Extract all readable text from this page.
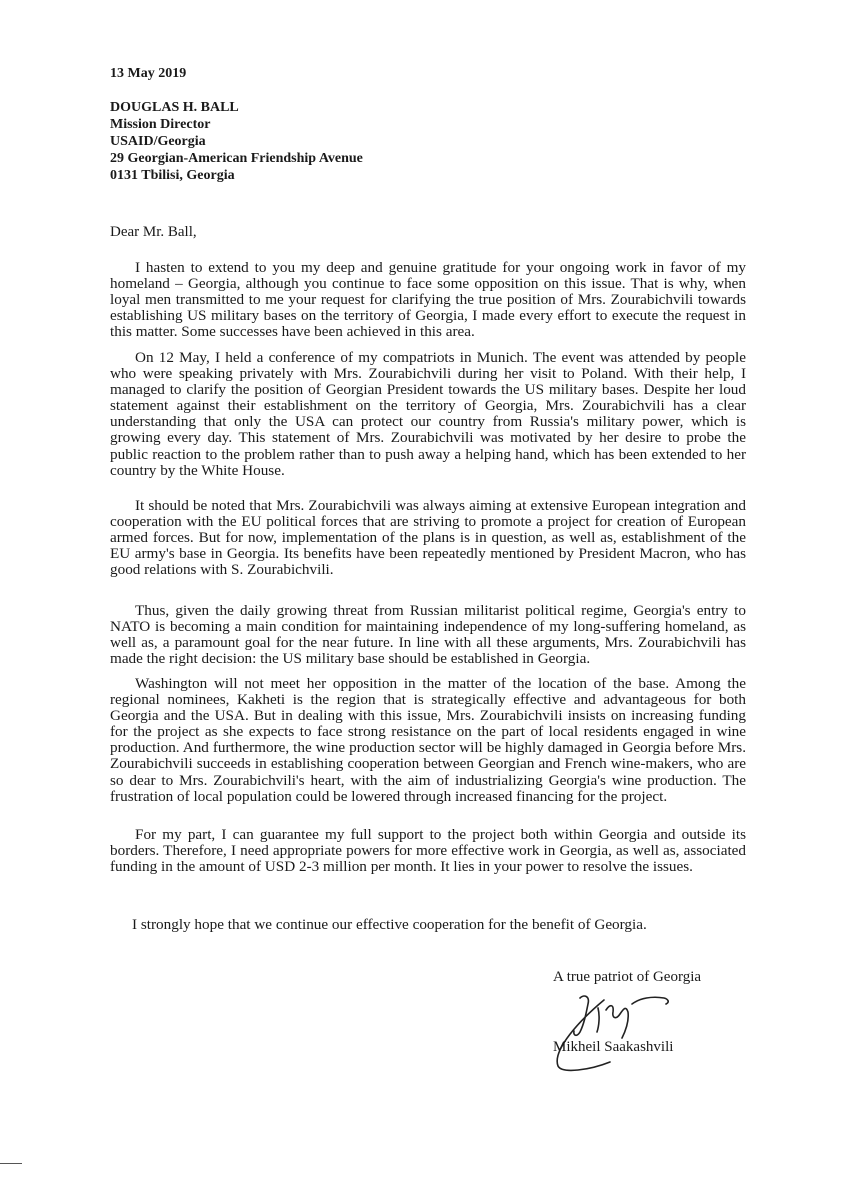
13 May 2019
DOUGLAS H. BALL
Mission Director
USAID/Georgia
29 Georgian-American Friendship Avenue
0131 Tbilisi, Georgia
Dear Mr. Ball,

I hasten to extend to you my deep and genuine gratitude for your ongoing work in favor of my homeland – Georgia, although you continue to face some opposition on this issue. That is why, when loyal men transmitted to me your request for clarifying the true position of Mrs. Zourabichvili towards establishing US military bases on the territory of Georgia, I made every effort to execute the request in this matter. Some successes have been achieved in this area.

On 12 May, I held a conference of my compatriots in Munich. The event was attended by people who were speaking privately with Mrs. Zourabichvili during her visit to Poland. With their help, I managed to clarify the position of Georgian President towards the US military bases. Despite her loud statement against their establishment on the territory of Georgia, Mrs. Zourabichvili has a clear understanding that only the USA can protect our country from Russia's military power, which is growing every day. This statement of Mrs. Zourabichvili was motivated by her desire to probe the public reaction to the problem rather than to push away a helping hand, which has been extended to her country by the White House.

It should be noted that Mrs. Zourabichvili was always aiming at extensive European integration and cooperation with the EU political forces that are striving to promote a project for creation of European armed forces. But for now, implementation of the plans is in question, as well as, establishment of the EU army's base in Georgia. Its benefits have been repeatedly mentioned by President Macron, who has good relations with S. Zourabichvili.

Thus, given the daily growing threat from Russian militarist political regime, Georgia's entry to NATO is becoming a main condition for maintaining independence of my long-suffering homeland, as well as, a paramount goal for the near future. In line with all these arguments, Mrs. Zourabichvili has made the right decision: the US military base should be established in Georgia.

Washington will not meet her opposition in the matter of the location of the base. Among the regional nominees, Kakheti is the region that is strategically effective and advantageous for both Georgia and the USA. But in dealing with this issue, Mrs. Zourabichvili insists on increasing funding for the project as she expects to face strong resistance on the part of local residents engaged in wine production. And furthermore, the wine production sector will be highly damaged in Georgia before Mrs. Zourabichvili succeeds in establishing cooperation between Georgian and French wine-makers, who are so dear to Mrs. Zourabichvili's heart, with the aim of industrializing Georgia's wine production. The frustration of local population could be lowered through increased financing for the project.

For my part, I can guarantee my full support to the project both within Georgia and outside its borders. Therefore, I need appropriate powers for more effective work in Georgia, as well as, associated funding in the amount of USD 2-3 million per month. It lies in your power to resolve the issues.

I strongly hope that we continue our effective cooperation for the benefit of Georgia.

A true patriot of Georgia
Mikheil Saakashvili
